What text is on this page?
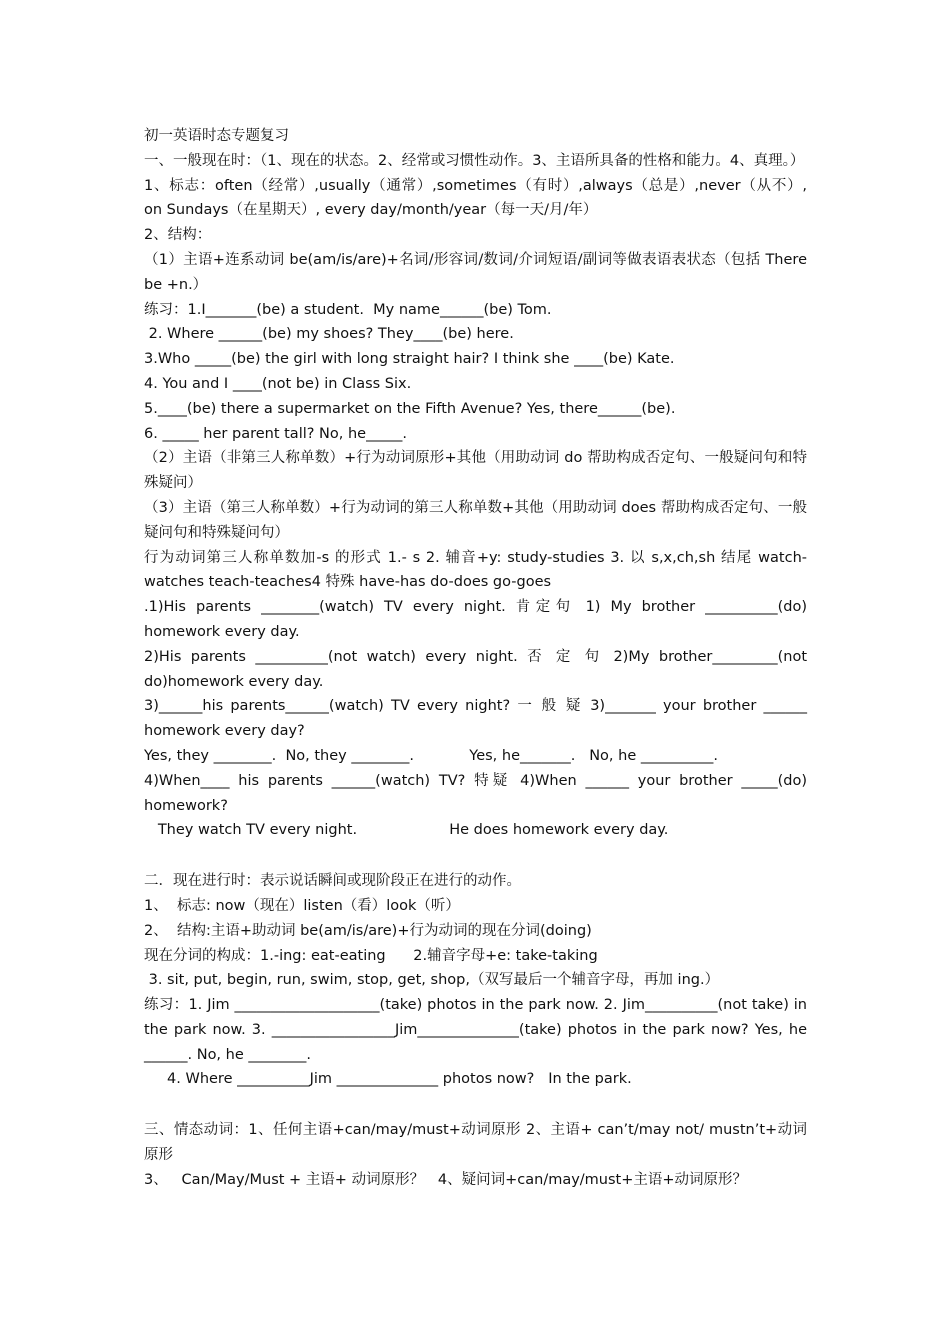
初一英语时态专题复习
一、一般现在时：（1、现在的状态。2、经常或习惯性动作。3、主语所具备的性格和能力。4、真理。）
1、标志：often（经常）,usually（通常）,sometimes（有时）,always（总是）,never（从不）, on Sundays（在星期天）, every day/month/year（每一天/月/年）
2、结构：
（1）主语+连系动词 be(am/is/are)+名词/形容词/数词/介词短语/副词等做表语表状态（包括 There be +n.）
练习：1.I_______(be) a student.  My name______(be) Tom.
2. Where ______(be) my shoes? They____(be) here.
3.Who _____(be) the girl with long straight hair? I think she ____(be) Kate.
4. You and I ____(not be) in Class Six.
5.____(be) there a supermarket on the Fifth Avenue? Yes, there______(be).
6. _____ her parent tall? No, he_____.
（2）主语（非第三人称单数）+行为动词原形+其他（用助动词 do 帮助构成否定句、一般疑问句和特殊疑问）
（3）主语（第三人称单数）+行为动词的第三人称单数+其他（用助动词 does 帮助构成否定句、一般疑问句和特殊疑问句）
行为动词第三人称单数加-s 的形式 1.- s 2. 辅音+y: study-studies 3. 以 s,x,ch,sh 结尾 watch-watches teach-teaches4 特殊 have-has do-does go-goes
.1)His parents ________(watch) TV every night. 肯定句 1) My brother __________(do) homework every day.
2)His parents __________(not watch) every night. 否 定 句 2)My brother_________(not do)homework every day.
3)______his parents______(watch) TV every night? 一 般 疑 3)_______ your brother ______ homework every day?
Yes, they ________.  No, they ________.            Yes, he_______.   No, he __________.
4)When____ his parents ______(watch) TV? 特疑 4)When ______ your brother _____(do) homework?
They watch TV every night.                    He does homework every day.
二．现在进行时：表示说话瞬间或现阶段正在进行的动作。
1、  标志: now（现在）listen（看）look（听）
2、  结构:主语+助动词 be(am/is/are)+行为动词的现在分词(doing)
现在分词的构成：1.-ing: eat-eating      2.辅音字母+e: take-taking
3. sit, put, begin, run, swim, stop, get, shop,（双写最后一个辅音字母，再加 ing.）
练习：1. Jim ____________________(take) photos in the park now. 2. Jim__________(not take) in the park now. 3. _________________Jim______________(take) photos in the park now? Yes, he ______. No, he ________.
4. Where __________Jim ______________ photos now?   In the park.
三、情态动词：1、任何主语+can/may/must+动词原形 2、主语+ can’t/may not/ mustn’t+动词原形
3、   Can/May/Must + 主语+ 动词原形？   4、疑问词+can/may/must+主语+动词原形？
